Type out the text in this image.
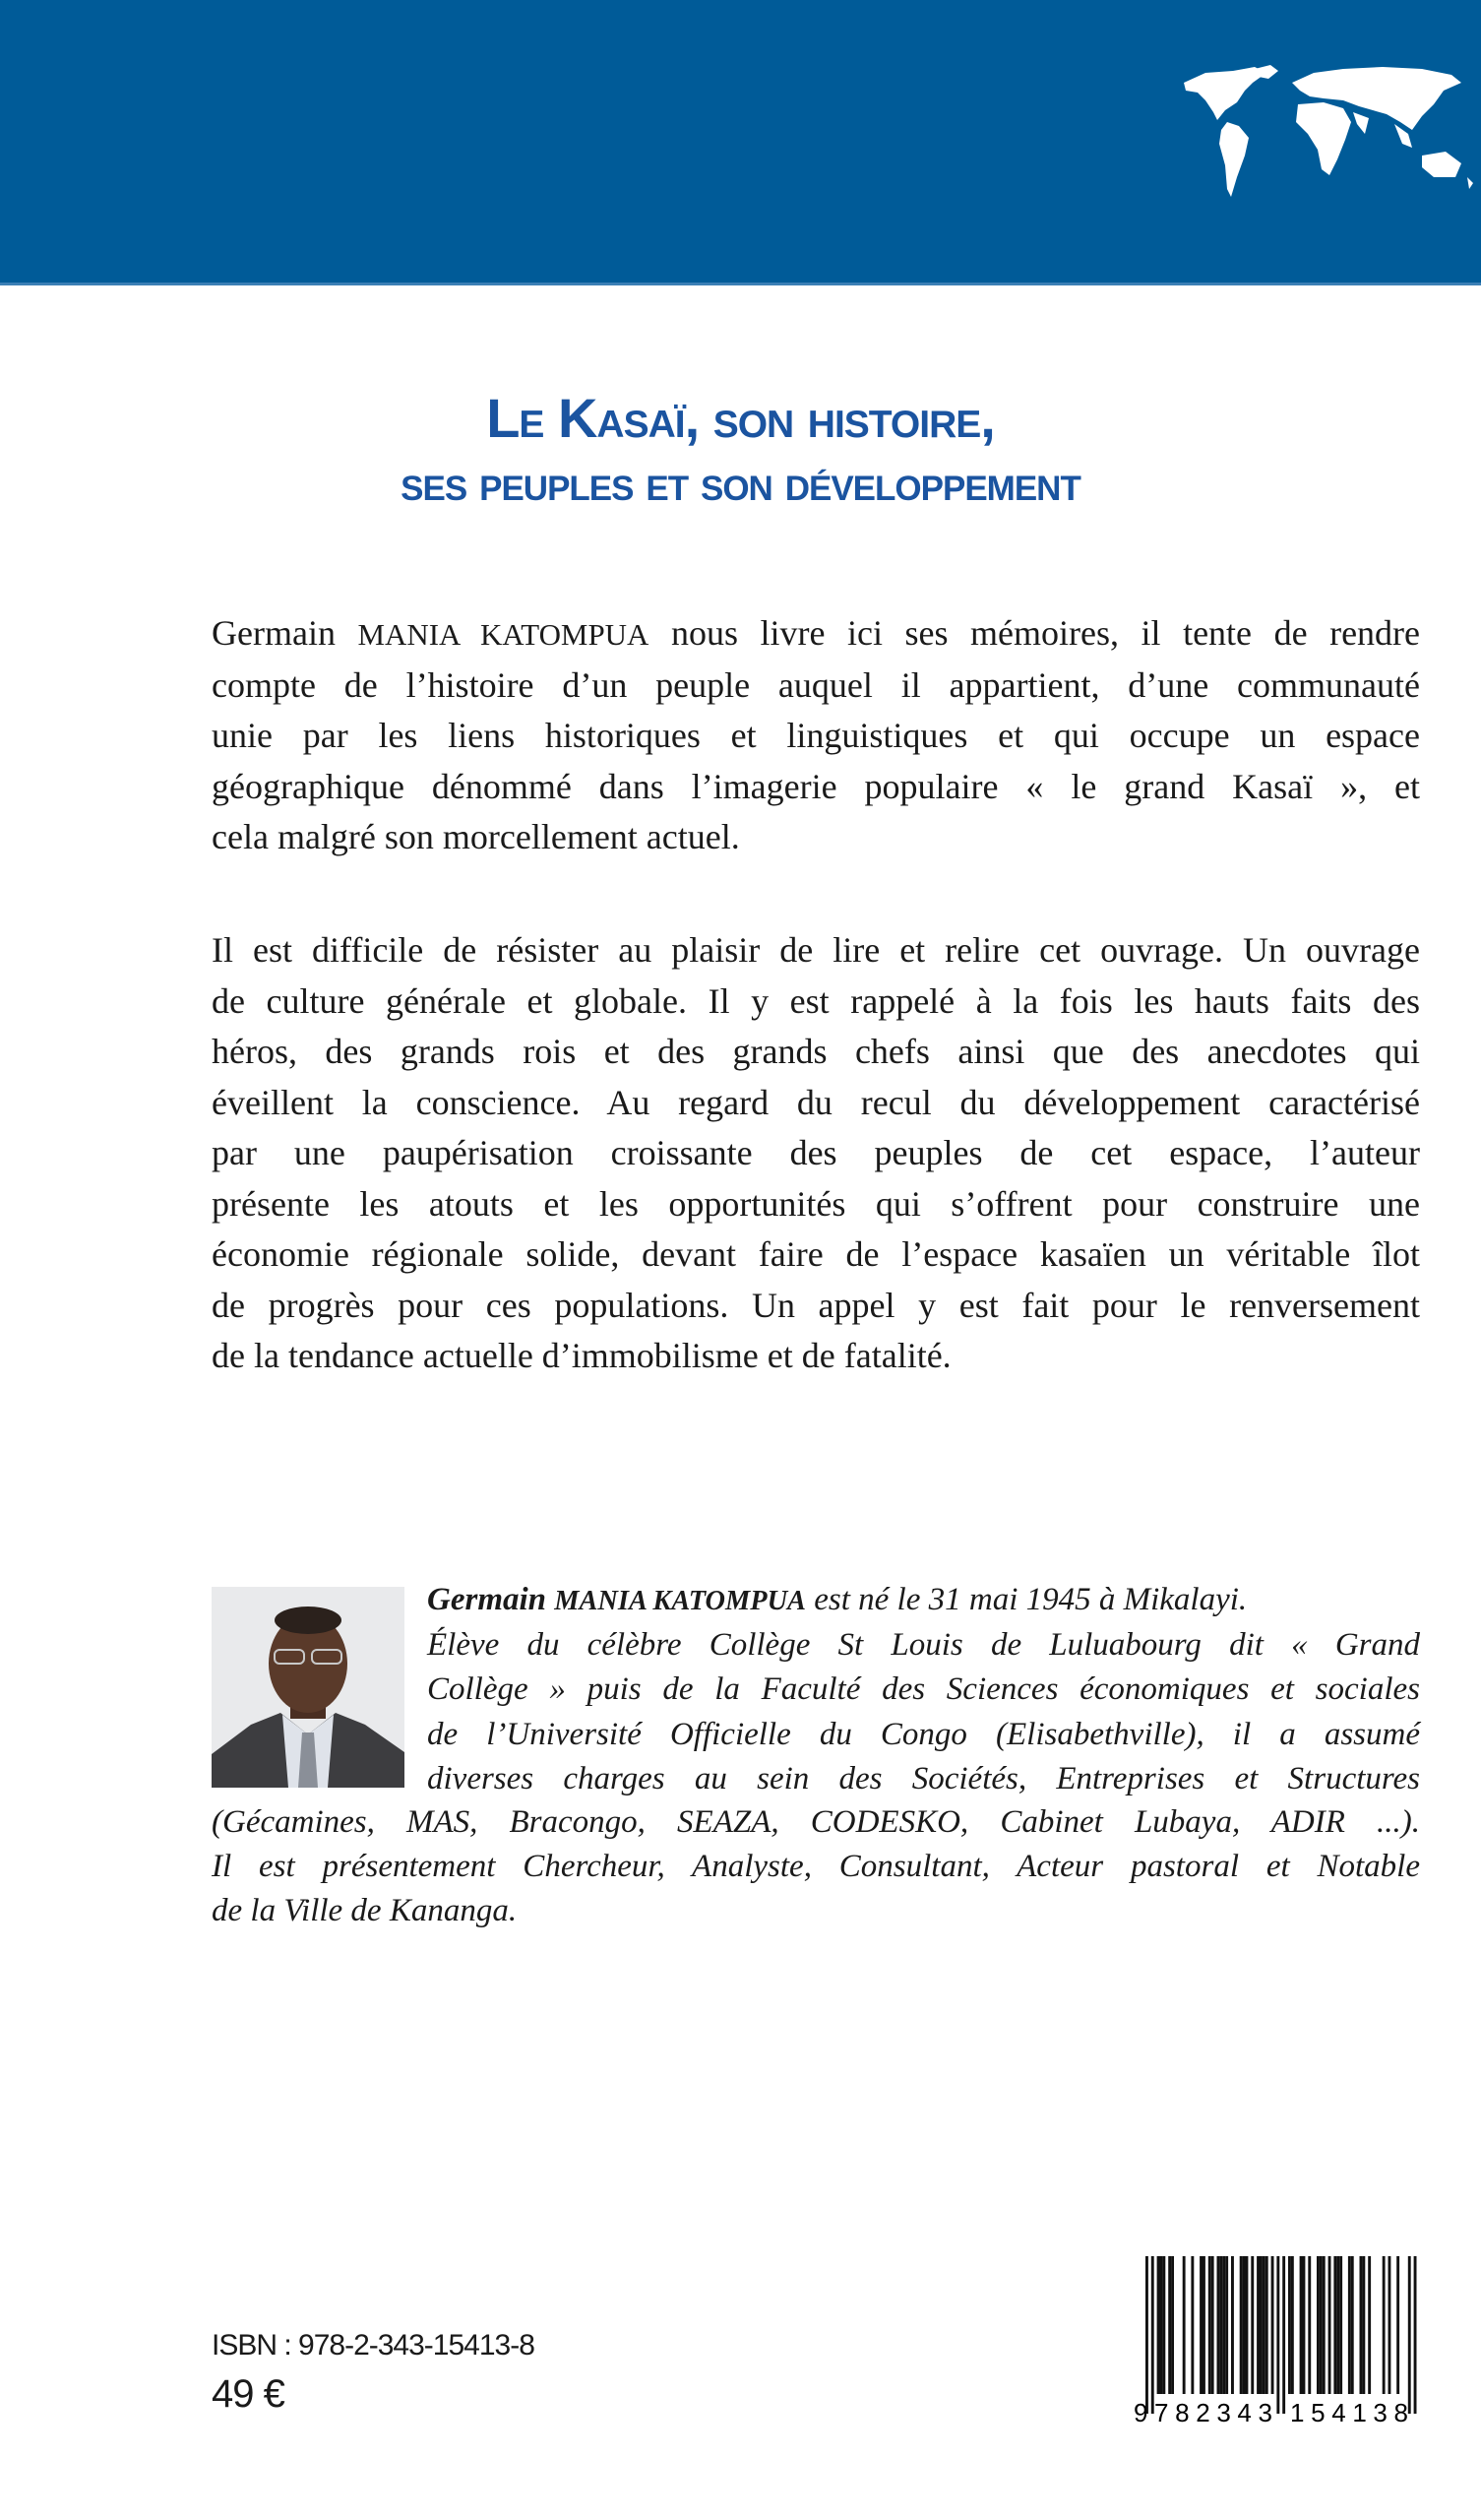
Le Kasaï, son histoire,
ses peuples et son développement
Germain MANIA KATOMPUA nous livre ici ses mémoires, il tente de rendre
compte de l’histoire d’un peuple auquel il appartient, d’une communauté
unie par les liens historiques et linguistiques et qui occupe un espace
géographique dénommé dans l’imagerie populaire « le grand Kasaï », et
cela malgré son morcellement actuel.
Il est difficile de résister au plaisir de lire et relire cet ouvrage. Un ouvrage
de culture générale et globale. Il y est rappelé à la fois les hauts faits des
héros, des grands rois et des grands chefs ainsi que des anecdotes qui
éveillent la conscience. Au regard du recul du développement caractérisé
par une paupérisation croissante des peuples de cet espace, l’auteur
présente les atouts et les opportunités qui s’offrent pour construire une
économie régionale solide, devant faire de l’espace kasaïen un véritable îlot
de progrès pour ces populations. Un appel y est fait pour le renversement
de la tendance actuelle d’immobilisme et de fatalité.
Germain MANIA KATOMPUA est né le 31 mai 1945 à Mikalayi.
Élève du célèbre Collège St Louis de Luluabourg dit « Grand
Collège » puis de la Faculté des Sciences économiques et sociales
de l’Université Officielle du Congo (Elisabethville), il a assumé
diverses charges au sein des Sociétés, Entreprises et Structures
(Gécamines, MAS, Bracongo, SEAZA, CODESKO, Cabinet Lubaya, ADIR ...).
Il est présentement Chercheur, Analyste, Consultant, Acteur pastoral et Notable
de la Ville de Kananga.
ISBN : 978-2-343-15413-8
49 €	9 782343 154138
